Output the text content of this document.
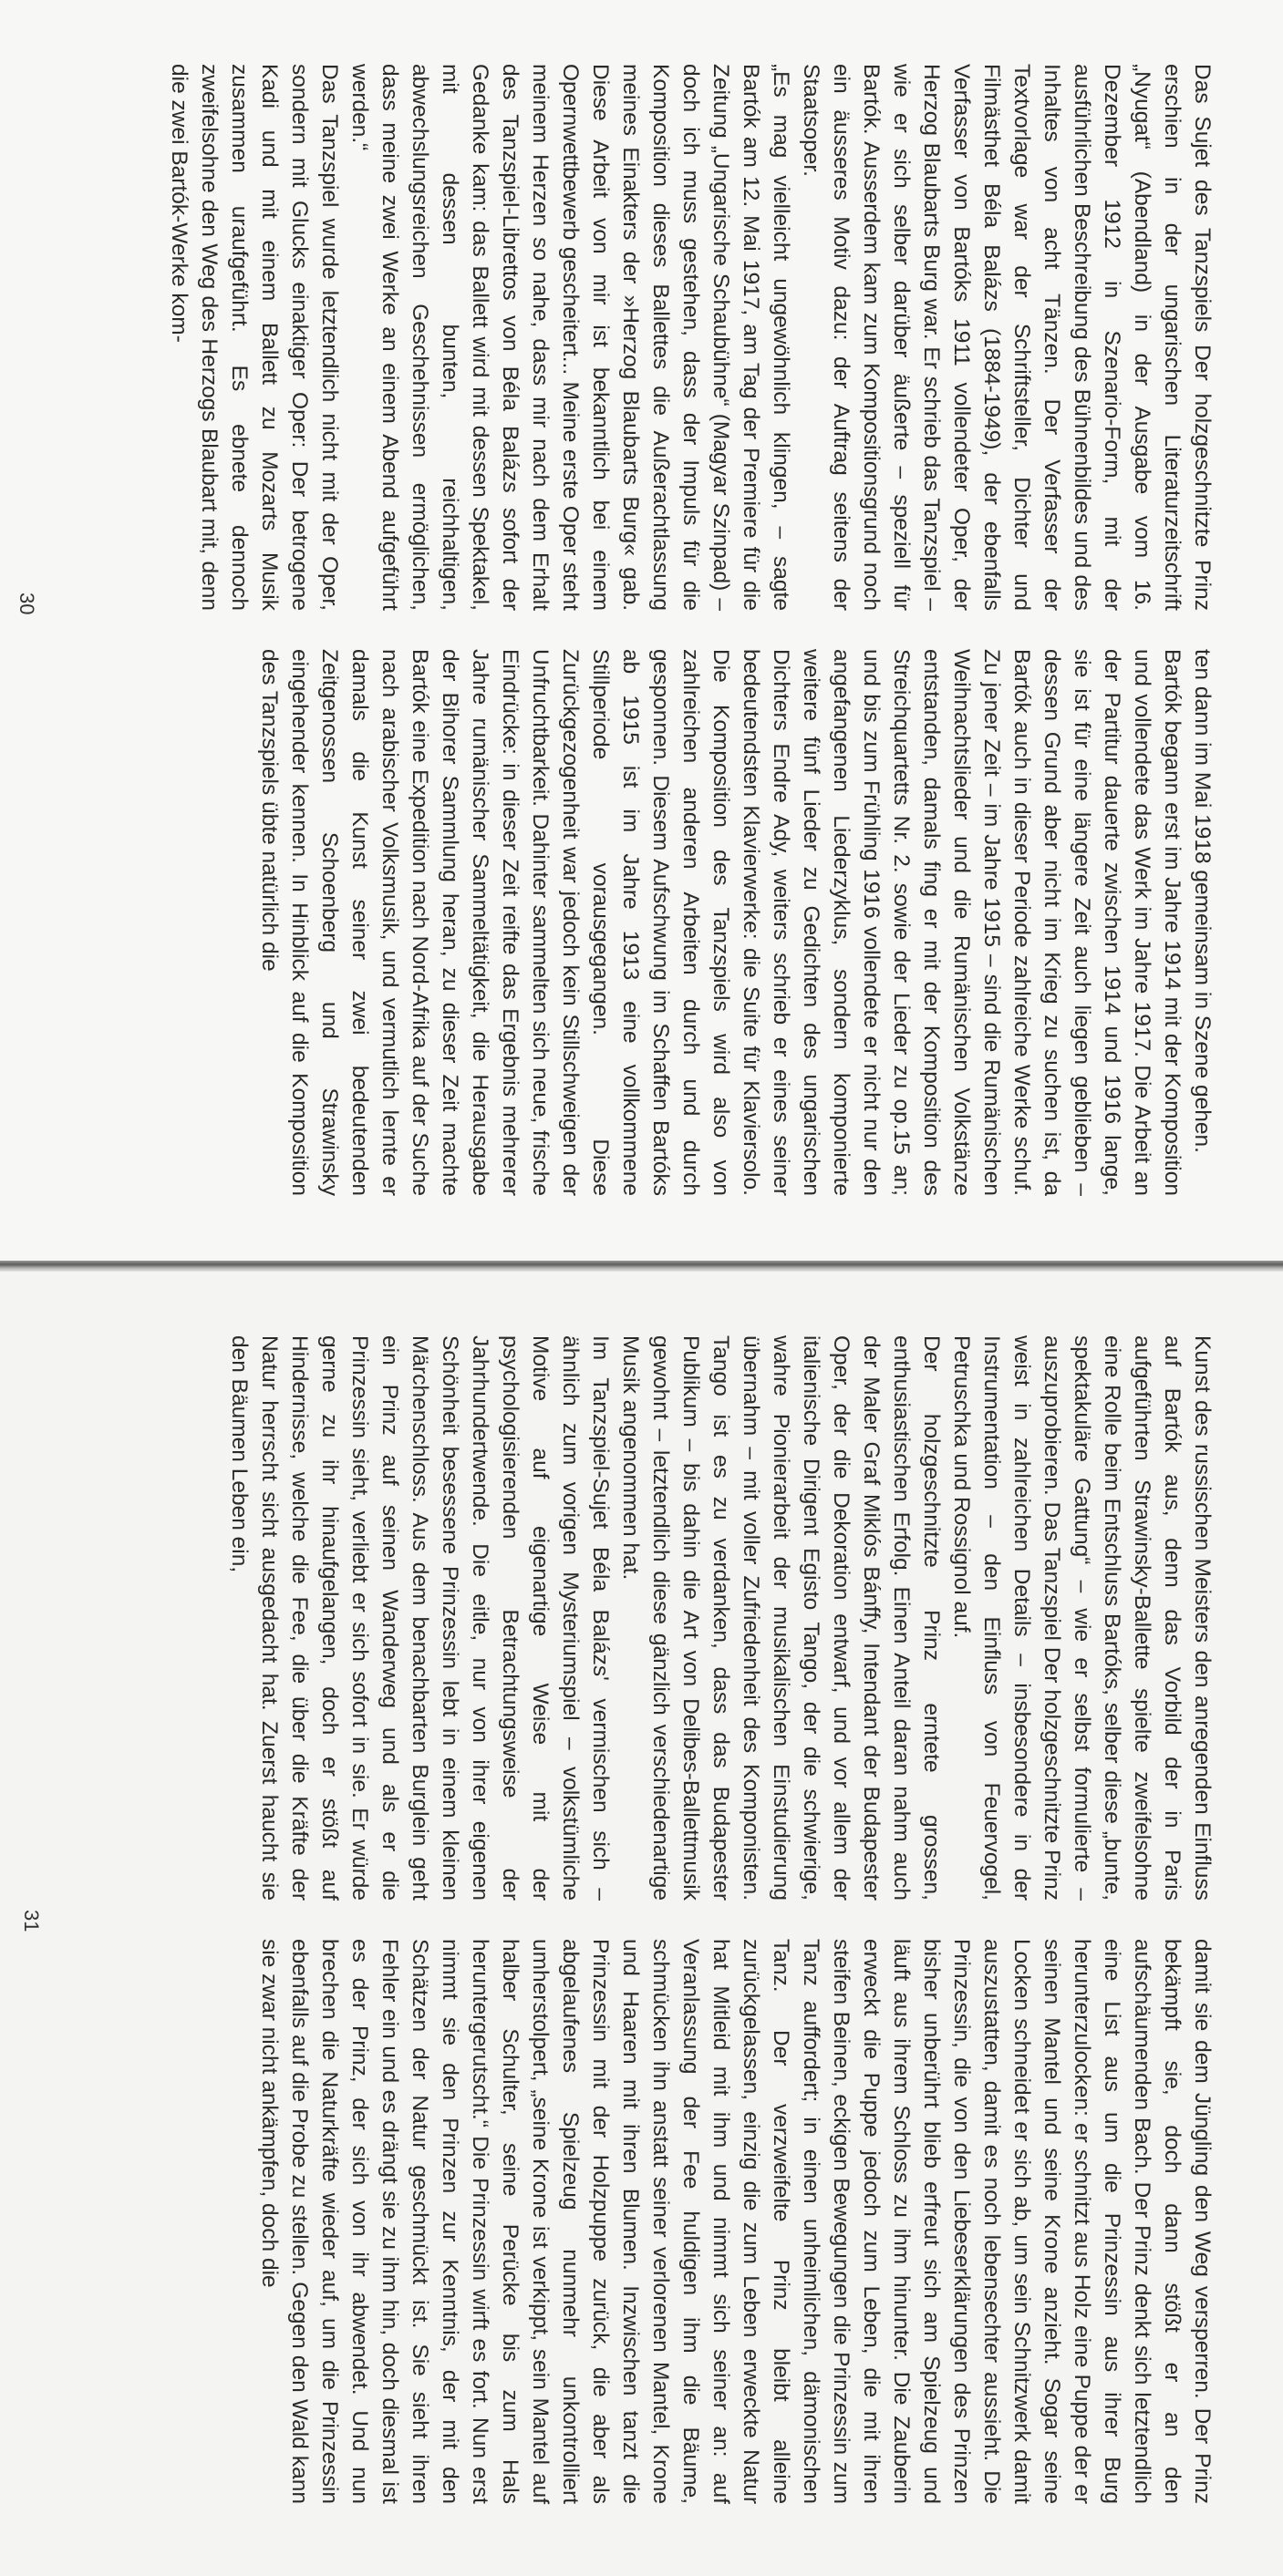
Das Sujet des Tanzspiels Der holzgeschnitzte Prinz erschien in der ungarischen Literaturzeitschrift „Nyugat“ (Abendland) in der Ausgabe vom 16. Dezember 1912 in Szenario-Form, mit der ausführlichen Beschreibung des Bühnenbildes und des Inhaltes von acht Tänzen. Der Verfasser der Textvorlage war der Schriftsteller, Dichter und Filmästhet Béla Balázs (1884-1949), der ebenfalls Verfasser von Bartóks 1911 vollendeter Oper, der Herzog Blaubarts Burg war. Er schrieb das Tanzspiel – wie er sich selber darüber äußerte – speziell für Bartók. Ausserdem kam zum Kompositionsgrund noch ein äusseres Motiv dazu: der Auftrag seitens der Staatsoper.

„Es mag vielleicht ungewöhnlich klingen, – sagte Bartók am 12. Mai 1917, am Tag der Premiere für die Zeitung „Ungarische Schaubühne“ (Magyar Szinpad) – doch ich muss gestehen, dass der Impuls für die Komposition dieses Ballettes die Außerachtlassung meines Einakters der »Herzog Blaubarts Burg« gab. Diese Arbeit von mir ist bekanntlich bei einem Opernwettbewerb gescheitert... Meine erste Oper steht meinem Herzen so nahe, dass mir nach dem Erhalt des Tanzspiel-Librettos von Béla Balázs sofort der Gedanke kam: das Ballett wird mit dessen Spektakel, mit dessen bunten, reichhaltigen, abwechslungsreichen Geschehnissen ermöglichen, dass meine zwei Werke an einem Abend aufgeführt werden.“

Das Tanzspiel wurde letztendlich nicht mit der Oper, sondern mit Glucks einaktiger Oper: Der betrogene Kadi und mit einem Ballett zu Mozarts Musik zusammen uraufgeführt. Es ebnete dennoch zweifelsohne den Weg des Herzogs Blaubart mit, denn die zwei Bartók-Werke kom-

ten dann im Mai 1918 gemeinsam in Szene gehen.

Bartók begann erst im Jahre 1914 mit der Komposition und vollendete das Werk im Jahre 1917. Die Arbeit an der Partitur dauerte zwischen 1914 und 1916 lange, sie ist für eine längere Zeit auch liegen geblieben – dessen Grund aber nicht im Krieg zu suchen ist, da Bartók auch in dieser Periode zahlreiche Werke schuf. Zu jener Zeit – im Jahre 1915 – sind die Rumänischen Weihnachtslieder und die Rumänischen Volkstänze entstanden, damals fing er mit der Komposition des Streichquartetts Nr. 2. sowie der Lieder zu op.15 an; und bis zum Frühling 1916 vollendete er nicht nur den angefangenen Liederzyklus, sondern komponierte weitere fünf Lieder zu Gedichten des ungarischen Dichters Endre Ady, weiters schrieb er eines seiner bedeutendsten Klavierwerke: die Suite für Klaviersolo. Die Komposition des Tanzspiels wird also von zahlreichen anderen Arbeiten durch und durch gesponnen. Diesem Aufschwung im Schaffen Bartóks ab 1915 ist im Jahre 1913 eine vollkommene Stillperiode vorausgegangen. Diese Zurückgezogenheit war jedoch kein Stillschweigen der Unfruchtbarkeit. Dahinter sammelten sich neue, frische Eindrücke: in dieser Zeit reifte das Ergebnis mehrerer Jahre rumänischer Sammeltätigkeit, die Herausgabe der Bihorer Sammlung heran, zu dieser Zeit machte Bartók eine Expedition nach Nord-Afrika auf der Suche nach arabischer Volksmusik, und vermutlich lernte er damals die Kunst seiner zwei bedeutenden Zeitgenossen Schoenberg und Strawinsky eingehender kennen. In Hinblick auf die Komposition des Tanzspiels übte natürlich die

30

Kunst des russischen Meisters den anregenden Einfluss auf Bartók aus, denn das Vorbild der in Paris aufgeführten Strawinsky-Ballette spielte zweifelsohne eine Rolle beim Entschluss Bartóks, selber diese „bunte, spektakuläre Gattung“ – wie er selbst formulierte – auszuprobieren. Das Tanzspiel Der holzgeschnitzte Prinz weist in zahlreichen Details – insbesondere in der Instrumentation – den Einfluss von Feuervogel, Petruschka und Rossignol auf.

Der holzgeschnitzte Prinz erntete grossen, enthusiastischen Erfolg. Einen Anteil daran nahm auch der Maler Graf Miklós Bánffy, Intendant der Budapester Oper, der die Dekoration entwarf, und vor allem der italienische Dirigent Egisto Tango, der die schwierige, wahre Pionierarbeit der musikalischen Einstudierung übernahm – mit voller Zufriedenheit des Komponisten. Tango ist es zu verdanken, dass das Budapester Publikum – bis dahin die Art von Delibes-Ballettmusik gewohnt – letztendlich diese gänzlich verschiedenartige Musik angenommen hat.

Im Tanzspiel-Sujet Béla Balázs' vermischen sich – ähnlich zum vorigen Mysteriumspiel – volkstümliche Motive auf eigenartige Weise mit der psychologisierenden Betrachtungsweise der Jahrhundertwende. Die eitle, nur von ihrer eigenen Schönheit besessene Prinzessin lebt in einem kleinen Märchenschloss. Aus dem benachbarten Burglein geht ein Prinz auf seinen Wanderweg und als er die Prinzessin sieht, verliebt er sich sofort in sie. Er würde gerne zu ihr hinaufgelangen, doch er stößt auf Hindernisse, welche die Fee, die über die Kräfte der Natur herrscht sicht ausgedacht hat. Zuerst haucht sie den Bäumen Leben ein,

damit sie dem Jüngling den Weg versperren. Der Prinz bekämpft sie, doch dann stößt er an den aufschäumenden Bach. Der Prinz denkt sich letztendlich eine List aus um die Prinzessin aus ihrer Burg herunterzulocken: er schnitzt aus Holz eine Puppe der er seinen Mantel und seine Krone anzieht. Sogar seine Locken schneidet er sich ab, um sein Schnitzwerk damit auszustatten, damit es noch lebensechter aussieht. Die Prinzessin, die von den Liebeserklärungen des Prinzen bisher unberührt blieb erfreut sich am Spielzeug und läuft aus ihrem Schloss zu ihm hinunter. Die Zauberin erweckt die Puppe jedoch zum Leben, die mit ihren steifen Beinen, eckigen Bewegungen die Prinzessin zum Tanz auffordert; in einen unheimlichen, dämonischen Tanz. Der verzweifelte Prinz bleibt alleine zurückgelassen, einzig die zum Leben erweckte Natur hat Mitleid mit ihm und nimmt sich seiner an: auf Veranlassung der Fee huldigen ihm die Bäume, schmücken ihn anstatt seiner verlorenen Mantel, Krone und Haaren mit ihren Blumen. Inzwischen tanzt die Prinzessin mit der Holzpuppe zurück, die aber als abgelaufenes Spielzeug nunmehr unkontrolliert umherstolpert, „seine Krone ist verkippt, sein Mantel auf halber Schulter, seine Perücke bis zum Hals heruntergerutscht.“ Die Prinzessin wirft es fort. Nun erst nimmt sie den Prinzen zur Kenntnis, der mit den Schätzen der Natur geschmückt ist. Sie sieht ihren Fehler ein und es drängt sie zu ihm hin, doch diesmal ist es der Prinz, der sich von ihr abwendet. Und nun brechen die Naturkräfte wieder auf, um die Prinzessin ebenfalls auf die Probe zu stellen. Gegen den Wald kann sie zwar nicht ankämpfen, doch die

31
